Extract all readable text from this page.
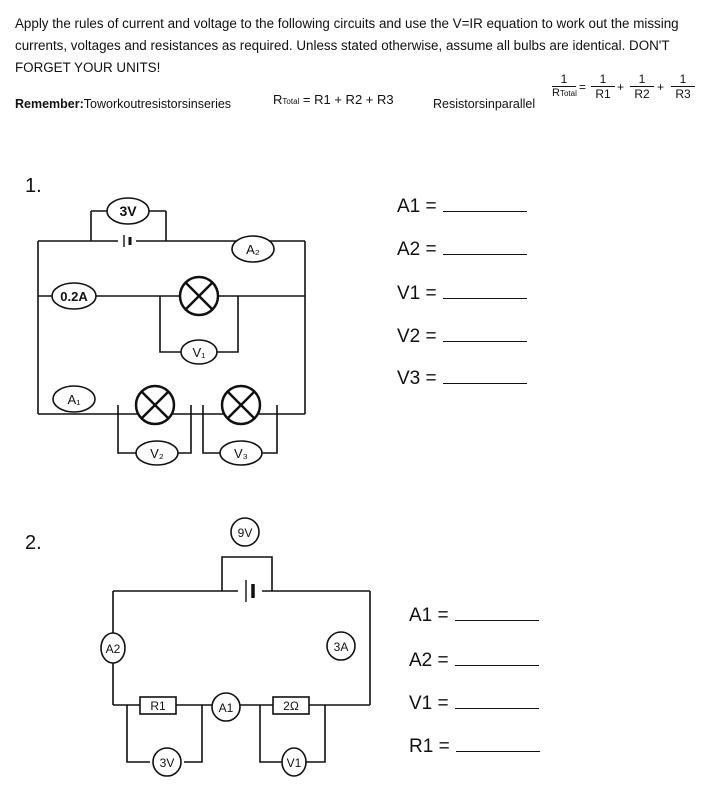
Apply the rules of current and voltage to the following circuits and use the V=IR equation to work out the missing currents, voltages and resistances as required. Unless stated otherwise, assume all bulbs are identical. DON'T FORGET YOUR UNITS!
Remember:Toworkoutresistorsinseries	RTotal = R1 + R2 + R3	Resistorsinparallel
1
RTotal = $\frac{1}{R1} + \frac{1}{R2} + \frac{1}{R3}$
1.
2.
3V
A₂
0.2A
A₁
V₁
V₂	V₃
9V
A2	3A
R1	A1	2Ω
3V	V1
A1 =
A2 =
V1 =
V2 =
V3 =
A1 =
A2 =
V1 =
R1 =
